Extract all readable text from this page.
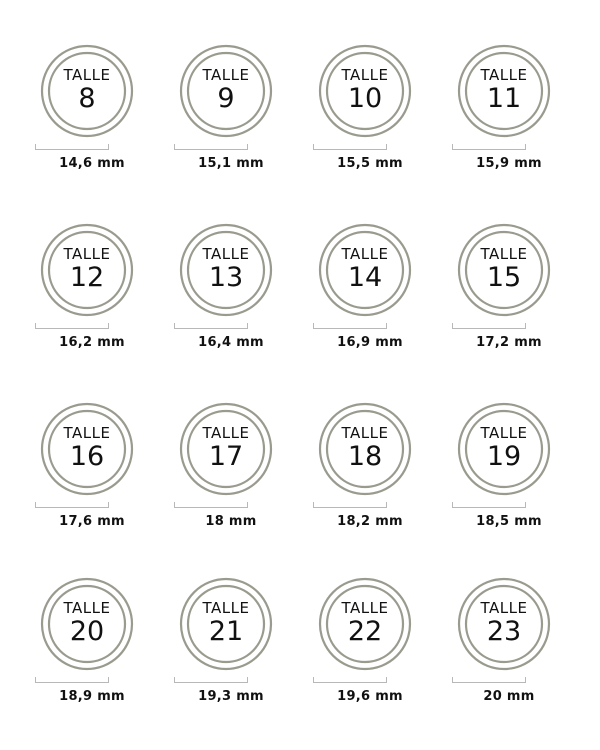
TALLE
8
14,6 mm
TALLE
9
15,1 mm
TALLE
10
15,5 mm
TALLE
11
15,9 mm
TALLE
12
16,2 mm
TALLE
13
16,4 mm
TALLE
14
16,9 mm
TALLE
15
17,2 mm
TALLE
16
17,6 mm
TALLE
17
18 mm
TALLE
18
18,2 mm
TALLE
19
18,5 mm
TALLE
20
18,9 mm
TALLE
21
19,3 mm
TALLE
22
19,6 mm
TALLE
23
20 mm
